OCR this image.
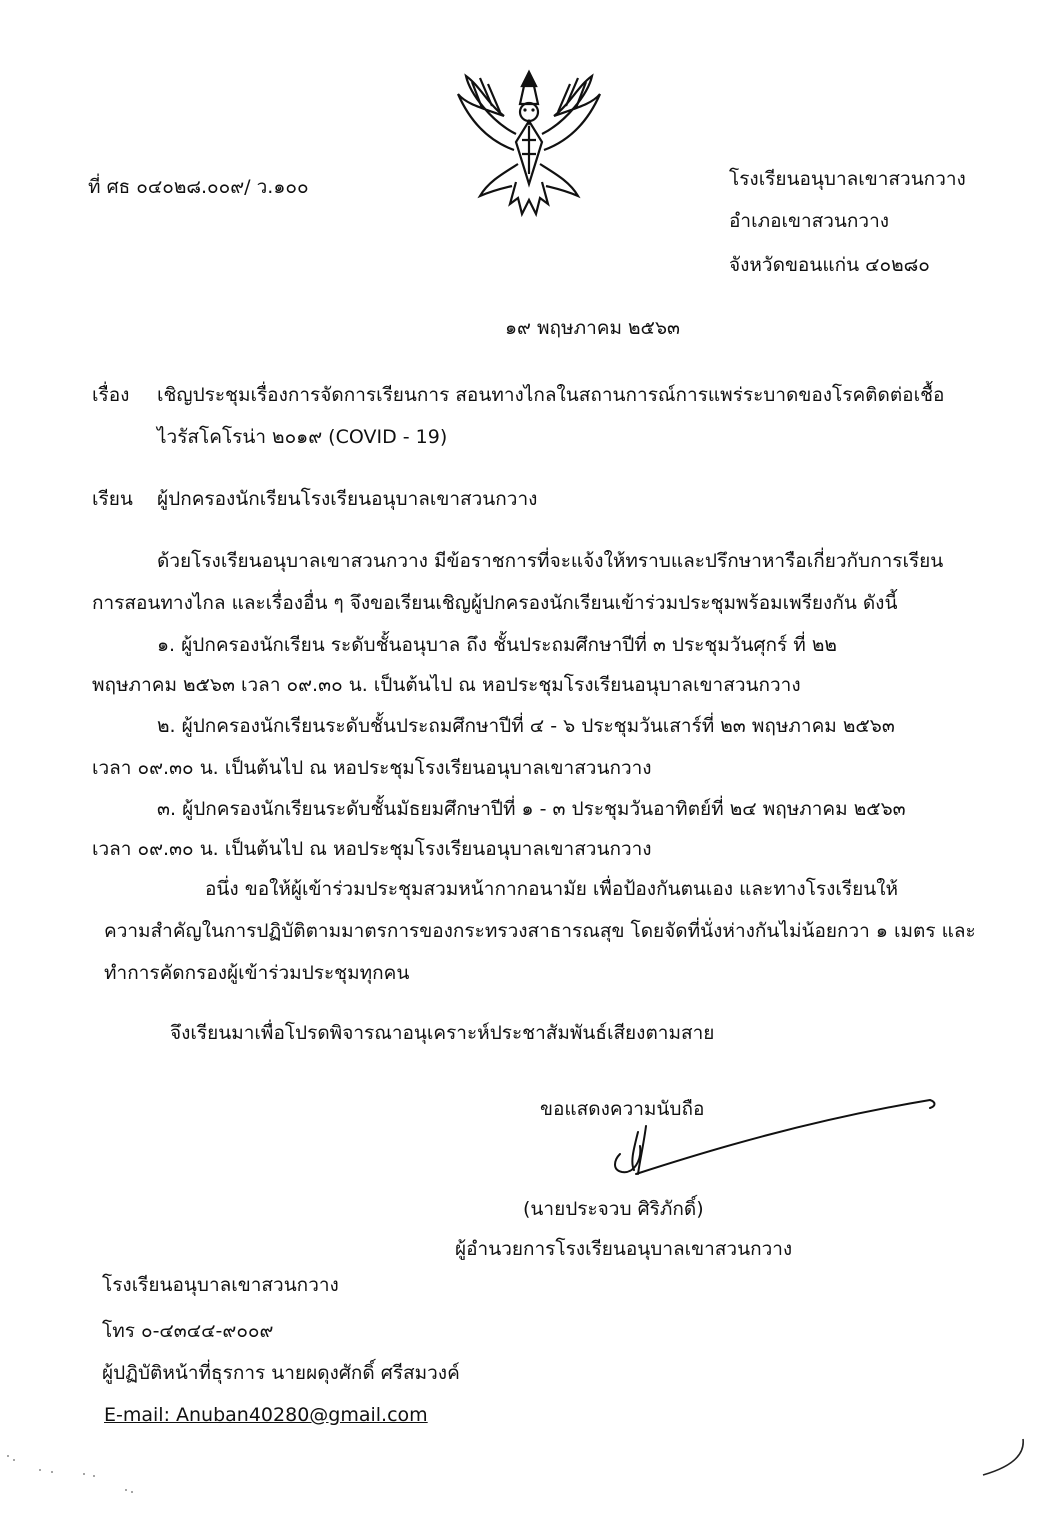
ที่ ศธ ๐๔๐๒๘.๐๐๙/ ว.๑๐๐	โรงเรียนอนุบาลเขาสวนกวาง
อำเภอเขาสวนกวาง
จังหวัดขอนแก่น ๔๐๒๘๐
๑๙ พฤษภาคม ๒๕๖๓
เรื่อง เชิญประชุมเรื่องการจัดการเรียนการ สอนทางไกลในสถานการณ์การแพร่ระบาดของโรคติดต่อเชื้อ
ไวรัสโคโรน่า ๒๐๑๙ (COVID - 19)
เรียน ผู้ปกครองนักเรียนโรงเรียนอนุบาลเขาสวนกวาง
ด้วยโรงเรียนอนุบาลเขาสวนกวาง มีข้อราชการที่จะแจ้งให้ทราบและปรึกษาหารือเกี่ยวกับการเรียน
การสอนทางไกล และเรื่องอื่น ๆ จึงขอเรียนเชิญผู้ปกครองนักเรียนเข้าร่วมประชุมพร้อมเพรียงกัน ดังนี้
๑. ผู้ปกครองนักเรียน ระดับชั้นอนุบาล ถึง ชั้นประถมศึกษาปีที่ ๓ ประชุมวันศุกร์ ที่ ๒๒
พฤษภาคม ๒๕๖๓ เวลา ๐๙.๓๐ น. เป็นต้นไป ณ หอประชุมโรงเรียนอนุบาลเขาสวนกวาง
๒. ผู้ปกครองนักเรียนระดับชั้นประถมศึกษาปีที่ ๔ - ๖ ประชุมวันเสาร์ที่ ๒๓ พฤษภาคม ๒๕๖๓
เวลา ๐๙.๓๐ น. เป็นต้นไป ณ หอประชุมโรงเรียนอนุบาลเขาสวนกวาง
๓. ผู้ปกครองนักเรียนระดับชั้นมัธยมศึกษาปีที่ ๑ - ๓ ประชุมวันอาทิตย์ที่ ๒๔ พฤษภาคม ๒๕๖๓
เวลา ๐๙.๓๐ น. เป็นต้นไป ณ หอประชุมโรงเรียนอนุบาลเขาสวนกวาง
อนึ่ง ขอให้ผู้เข้าร่วมประชุมสวมหน้ากากอนามัย เพื่อป้องกันตนเอง และทางโรงเรียนให้
ความสำคัญในการปฏิบัติตามมาตรการของกระทรวงสาธารณสุข โดยจัดที่นั่งห่างกันไม่น้อยกวา ๑ เมตร และ
ทำการคัดกรองผู้เข้าร่วมประชุมทุกคน
จึงเรียนมาเพื่อโปรดพิจารณาอนุเคราะห์ประชาสัมพันธ์เสียงตามสาย
ขอแสดงความนับถือ
(นายประจวบ ศิริภักดิ์)
ผู้อำนวยการโรงเรียนอนุบาลเขาสวนกวาง
โรงเรียนอนุบาลเขาสวนกวาง
โทร ๐-๔๓๔๔-๙๐๐๙
ผู้ปฏิบัติหน้าที่ธุรการ นายผดุงศักดิ์ ศรีสมวงค์
E-mail: Anuban40280@gmail.com
